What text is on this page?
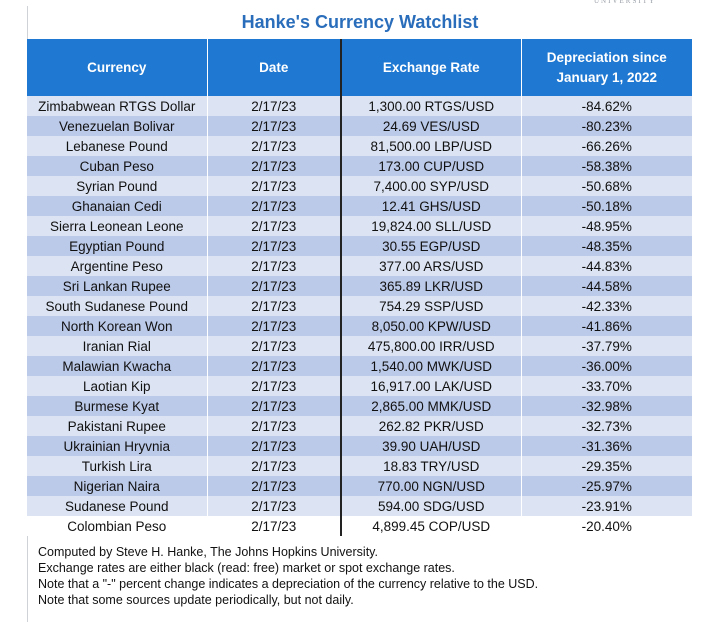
UNIVERSITY
Hanke's Currency Watchlist
Currency	Date	Exchange Rate	Depreciation since
January 1, 2022
Zimbabwean RTGS Dollar	2/17/23	1,300.00 RTGS/USD	-84.62%
Venezuelan Bolivar	2/17/23	24.69 VES/USD	-80.23%
Lebanese Pound	2/17/23	81,500.00 LBP/USD	-66.26%
Cuban Peso	2/17/23	173.00 CUP/USD	-58.38%
Syrian Pound	2/17/23	7,400.00 SYP/USD	-50.68%
Ghanaian Cedi	2/17/23	12.41 GHS/USD	-50.18%
Sierra Leonean Leone	2/17/23	19,824.00 SLL/USD	-48.95%
Egyptian Pound	2/17/23	30.55 EGP/USD	-48.35%
Argentine Peso	2/17/23	377.00 ARS/USD	-44.83%
Sri Lankan Rupee	2/17/23	365.89 LKR/USD	-44.58%
South Sudanese Pound	2/17/23	754.29 SSP/USD	-42.33%
North Korean Won	2/17/23	8,050.00 KPW/USD	-41.86%
Iranian Rial	2/17/23	475,800.00 IRR/USD	-37.79%
Malawian Kwacha	2/17/23	1,540.00 MWK/USD	-36.00%
Laotian Kip	2/17/23	16,917.00 LAK/USD	-33.70%
Burmese Kyat	2/17/23	2,865.00 MMK/USD	-32.98%
Pakistani Rupee	2/17/23	262.82 PKR/USD	-32.73%
Ukrainian Hryvnia	2/17/23	39.90 UAH/USD	-31.36%
Turkish Lira	2/17/23	18.83 TRY/USD	-29.35%
Nigerian Naira	2/17/23	770.00 NGN/USD	-25.97%
Sudanese Pound	2/17/23	594.00 SDG/USD	-23.91%
Colombian Peso	2/17/23	4,899.45 COP/USD	-20.40%
Computed by Steve H. Hanke, The Johns Hopkins University.
Exchange rates are either black (read: free) market or spot exchange rates.
Note that a "-" percent change indicates a depreciation of the currency relative to the USD.
Note that some sources update periodically, but not daily.
